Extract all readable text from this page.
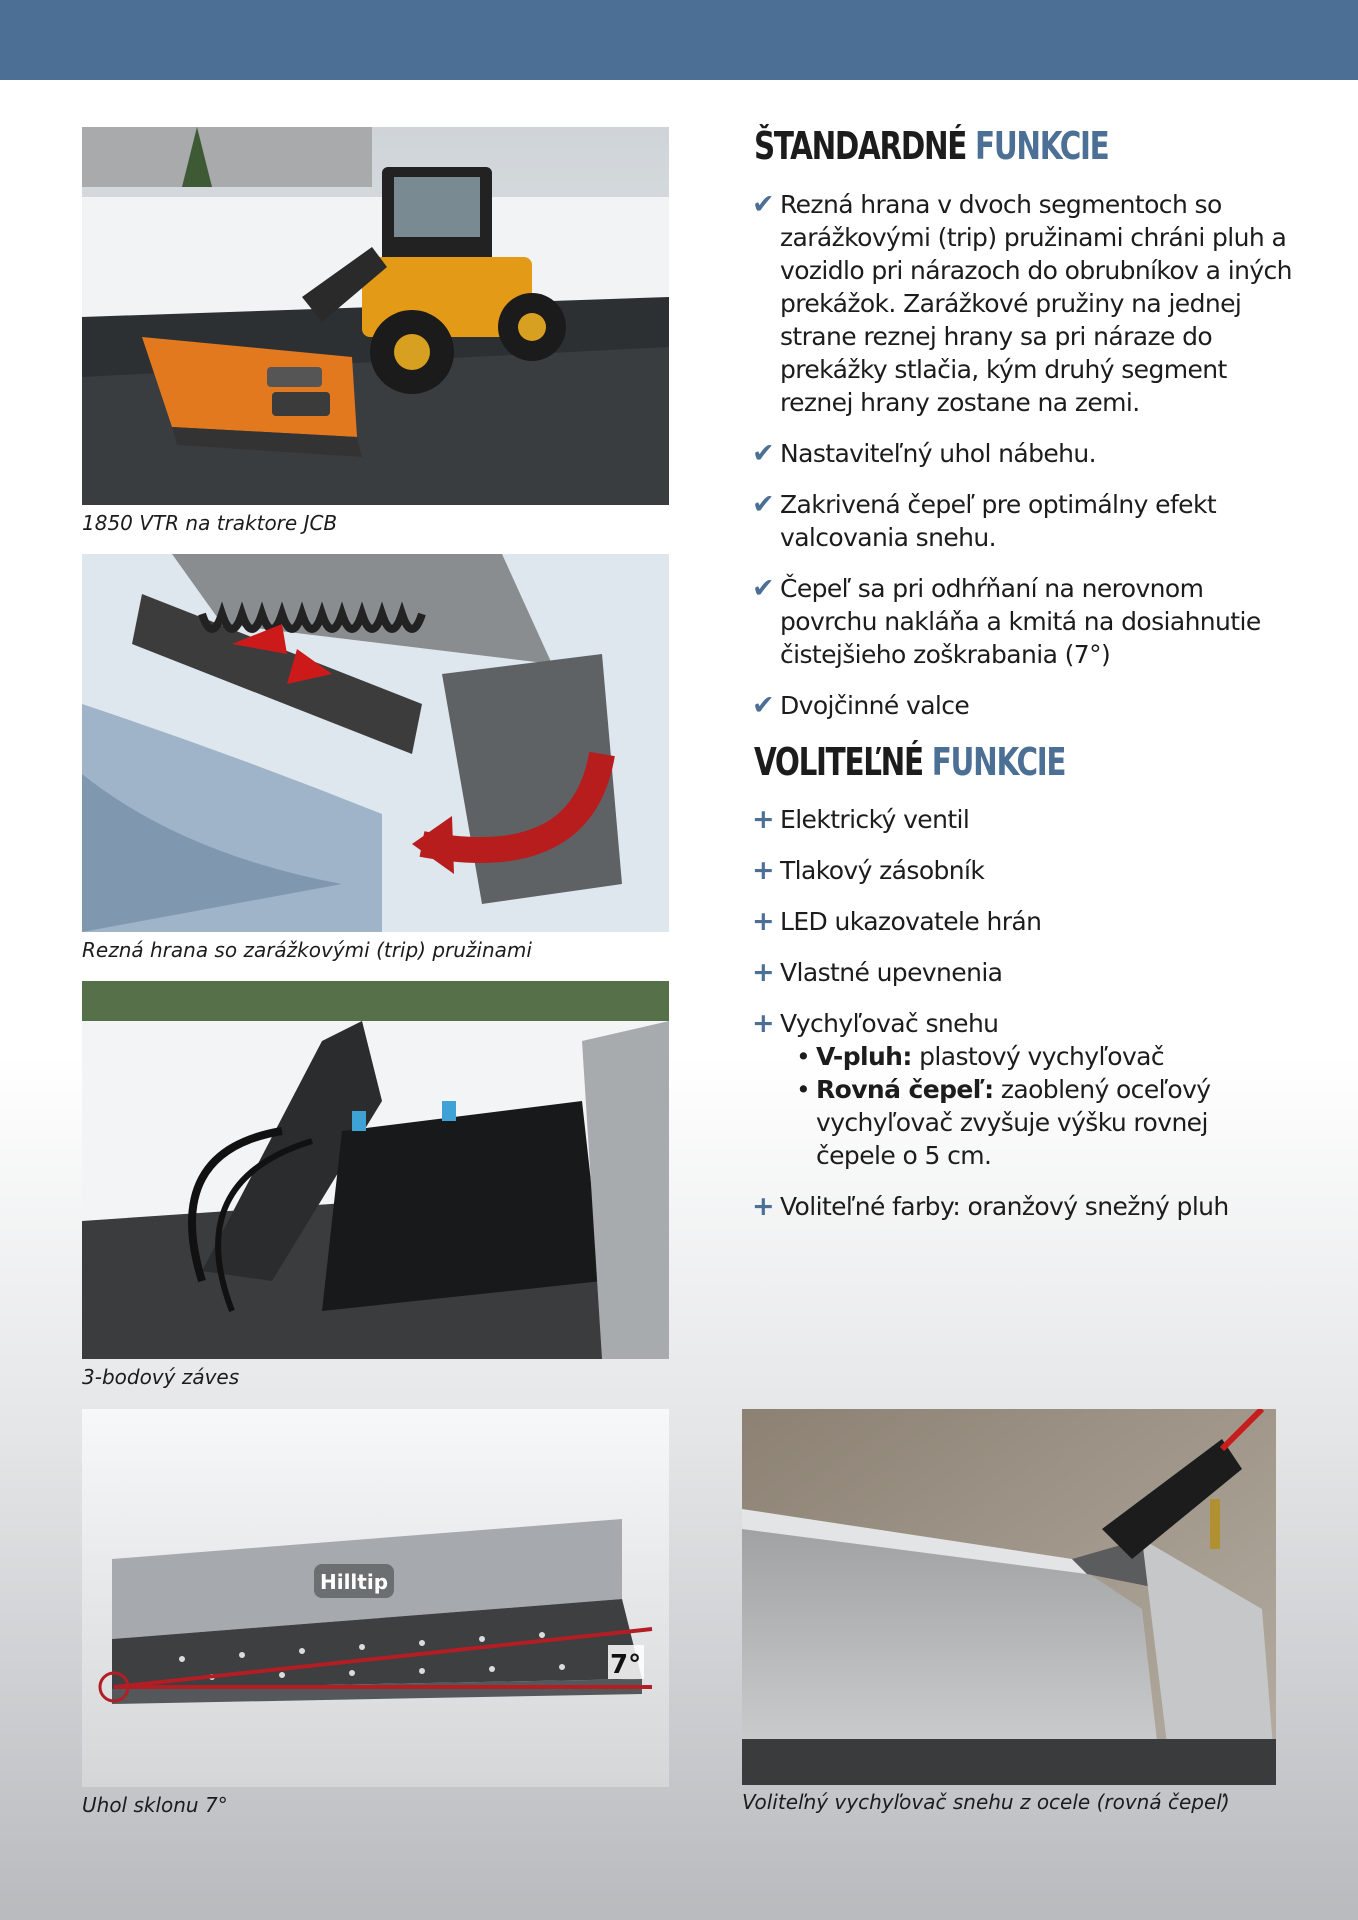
1850 VTR na traktore JCB
Rezná hrana so zarážkovými (trip) pružinami
3-bodový záves
Hilltip
7°
Uhol sklonu 7°	Voliteľný vychyľovač snehu z ocele (rovná čepeľ)
ŠTANDARDNÉ FUNKCIE
✔ Rezná hrana v dvoch segmentoch so zarážkovými (trip) pružinami chráni pluh a vozidlo pri nárazoch do obrubníkov a iných prekážok. Zarážkové pružiny na jednej strane reznej hrany sa pri náraze do prekážky stlačia, kým druhý segment reznej hrany zostane na zemi.
✔ Nastaviteľný uhol nábehu.
✔ Zakrivená čepeľ pre optimálny efekt valcovania snehu.
✔ Čepeľ sa pri odhŕňaní na nerovnom povrchu nakláňa a kmitá na dosiahnutie čistejšieho zoškrabania (7°)
✔ Dvojčinné valce
VOLITEĽNÉ FUNKCIE
+ Elektrický ventil
+ Tlakový zásobník
+ LED ukazovatele hrán
+ Vlastné upevnenia
+ Vychyľovač snehu
• V-pluh: plastový vychyľovač
• Rovná čepeľ: zaoblený oceľový vychyľovač zvyšuje výšku rovnej čepele o 5 cm.
+ Voliteľné farby: oranžový snežný pluh
